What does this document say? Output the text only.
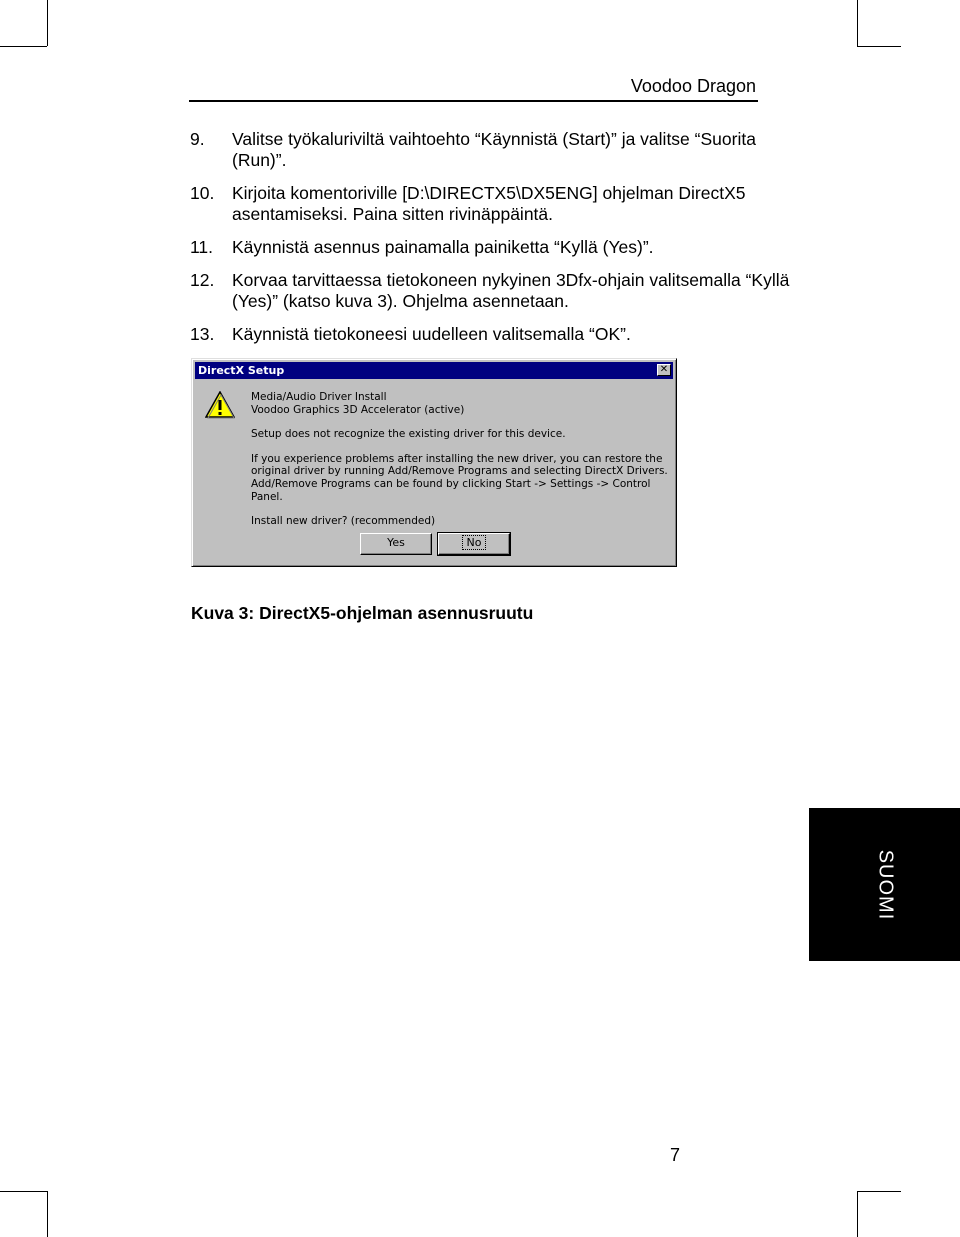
Voodoo Dragon
9. Valitse työkaluriviltä vaihtoehto “Käynnistä (Start)” ja valitse “Suorita (Run)”.
10. Kirjoita komentoriville [D:\DIRECTX5\DX5ENG] ohjelman DirectX5 asentamiseksi. Paina sitten rivinäppäintä.
11. Käynnistä asennus painamalla painiketta “Kyllä (Yes)”.
12. Korvaa tarvittaessa tietokoneen nykyinen 3Dfx-ohjain valitsemalla “Kyllä (Yes)” (katso kuva 3). Ohjelma asennetaan.
13. Käynnistä tietokoneesi uudelleen valitsemalla “OK”.
DirectX Setup	✕

Media/Audio Driver Install

Voodoo Graphics 3D Accelerator (active)

Setup does not recognize the existing driver for this device.

If you experience problems after installing the new driver, you can restore the original driver by running Add/Remove Programs and selecting DirectX Drivers. Add/Remove Programs can be found by clicking Start -> Settings -> Control Panel.

Install new driver? (recommended)

Yes	No
Kuva 3: DirectX5-ohjelman asennusruutu
SUOMI
7
